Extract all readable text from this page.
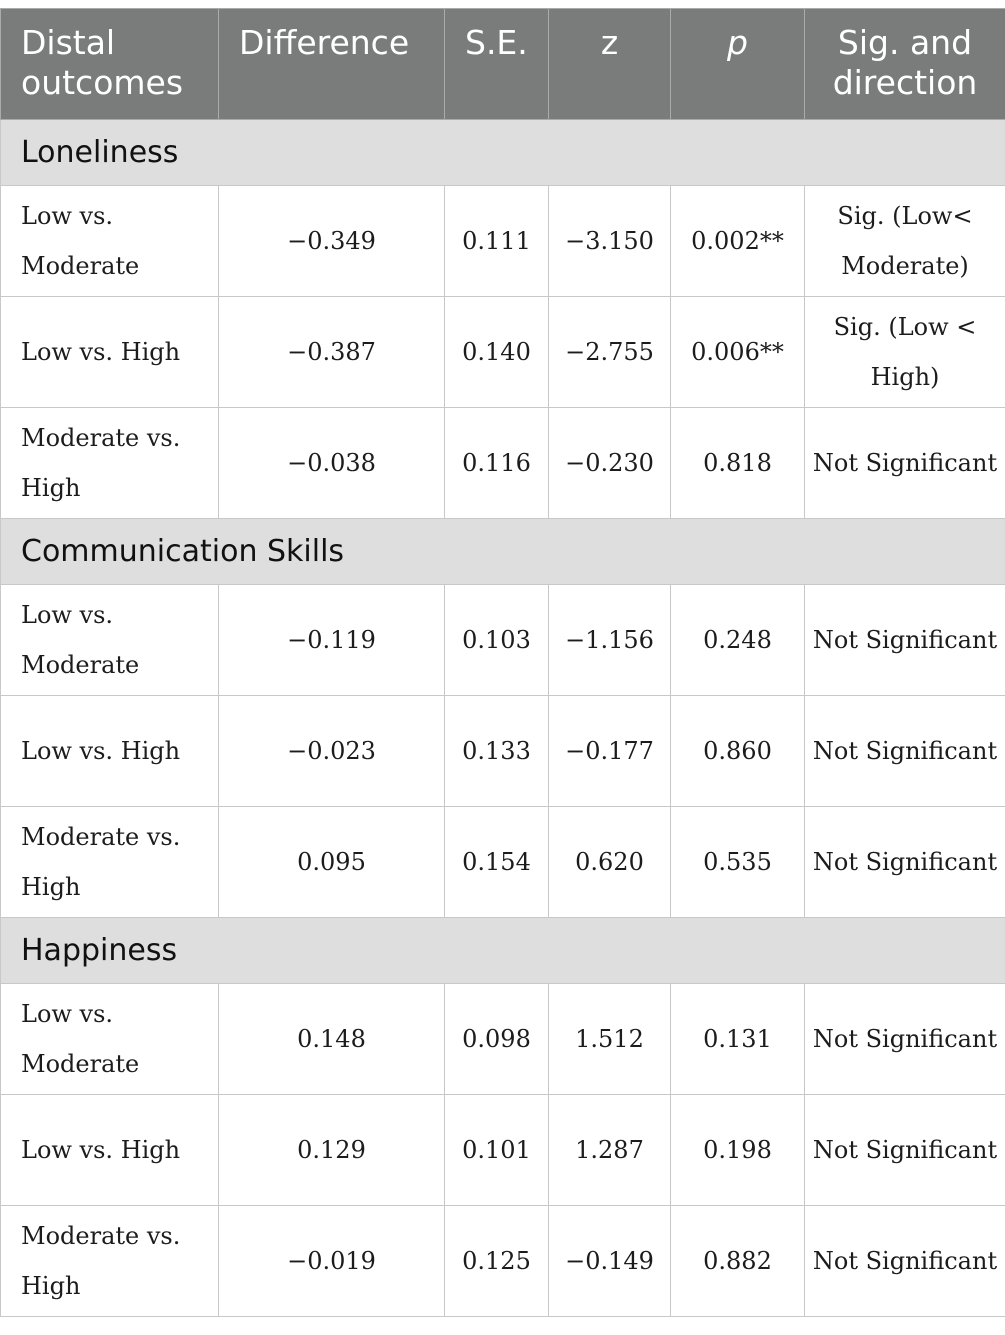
Distal outcomes	Difference	S.E.	z	p	Sig. and direction
Loneliness					
Low vs. Moderate	−0.349	0.111	−3.150	0.002**	Sig. (Low< Moderate)
Low vs. High	−0.387	0.140	−2.755	0.006**	Sig. (Low < High)
Moderate vs. High	−0.038	0.116	−0.230	0.818	Not Significant
Communication Skills					
Low vs. Moderate	−0.119	0.103	−1.156	0.248	Not Significant
Low vs. High	−0.023	0.133	−0.177	0.860	Not Significant
Moderate vs. High	0.095	0.154	0.620	0.535	Not Significant
Happiness					
Low vs. Moderate	0.148	0.098	1.512	0.131	Not Significant
Low vs. High	0.129	0.101	1.287	0.198	Not Significant
Moderate vs. High	−0.019	0.125	−0.149	0.882	Not Significant
